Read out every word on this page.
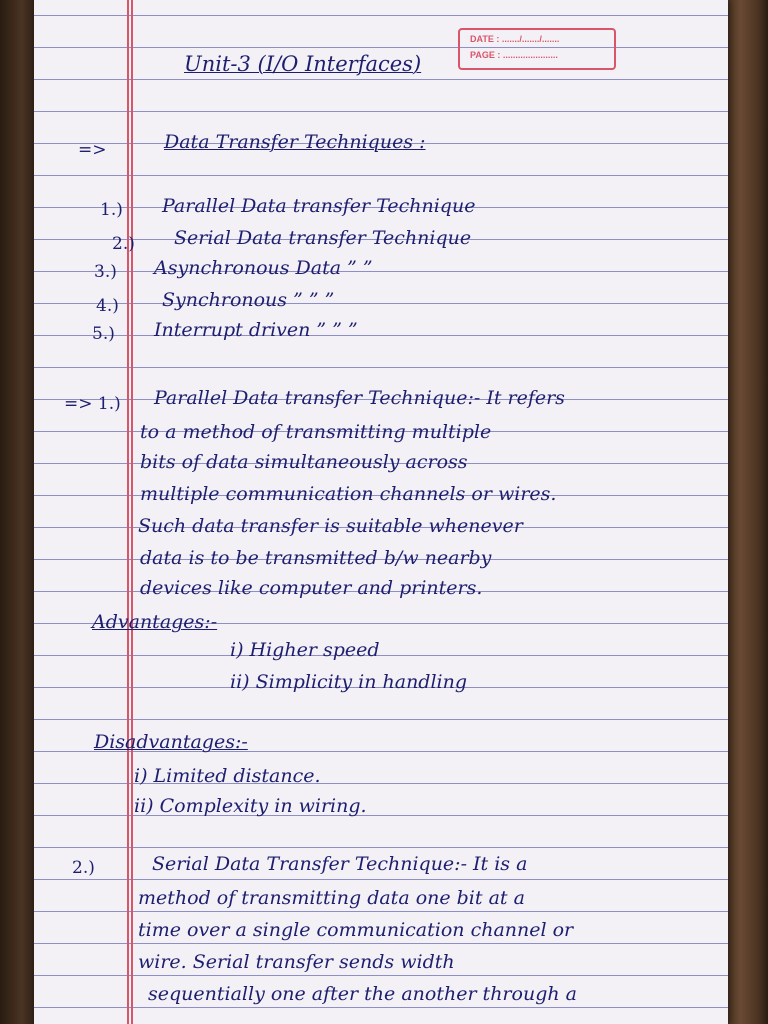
DATE : ......./......./.......
PAGE : ......................
Unit-3 (I/O Interfaces)
=>	Data Transfer Techniques :
1.) Parallel Data transfer Technique
2.) Serial Data transfer Technique
3.) Asynchronous Data ” ”
4.) Synchronous ” ” ”
5.) Interrupt driven ” ” ”
=> 1.) Parallel Data transfer Technique:- It refers
to a method of transmitting multiple
bits of data simultaneously across
multiple communication channels or wires.
Such data transfer is suitable whenever
data is to be transmitted b/w nearby
devices like computer and printers.
Advantages:-
i) Higher speed
ii) Simplicity in handling
Disadvantages:-
i) Limited distance.
ii) Complexity in wiring.
2.)	Serial Data Transfer Technique:- It is a
method of transmitting data one bit at a
time over a single communication channel or
wire. Serial transfer sends width
sequentially one after the another through a
